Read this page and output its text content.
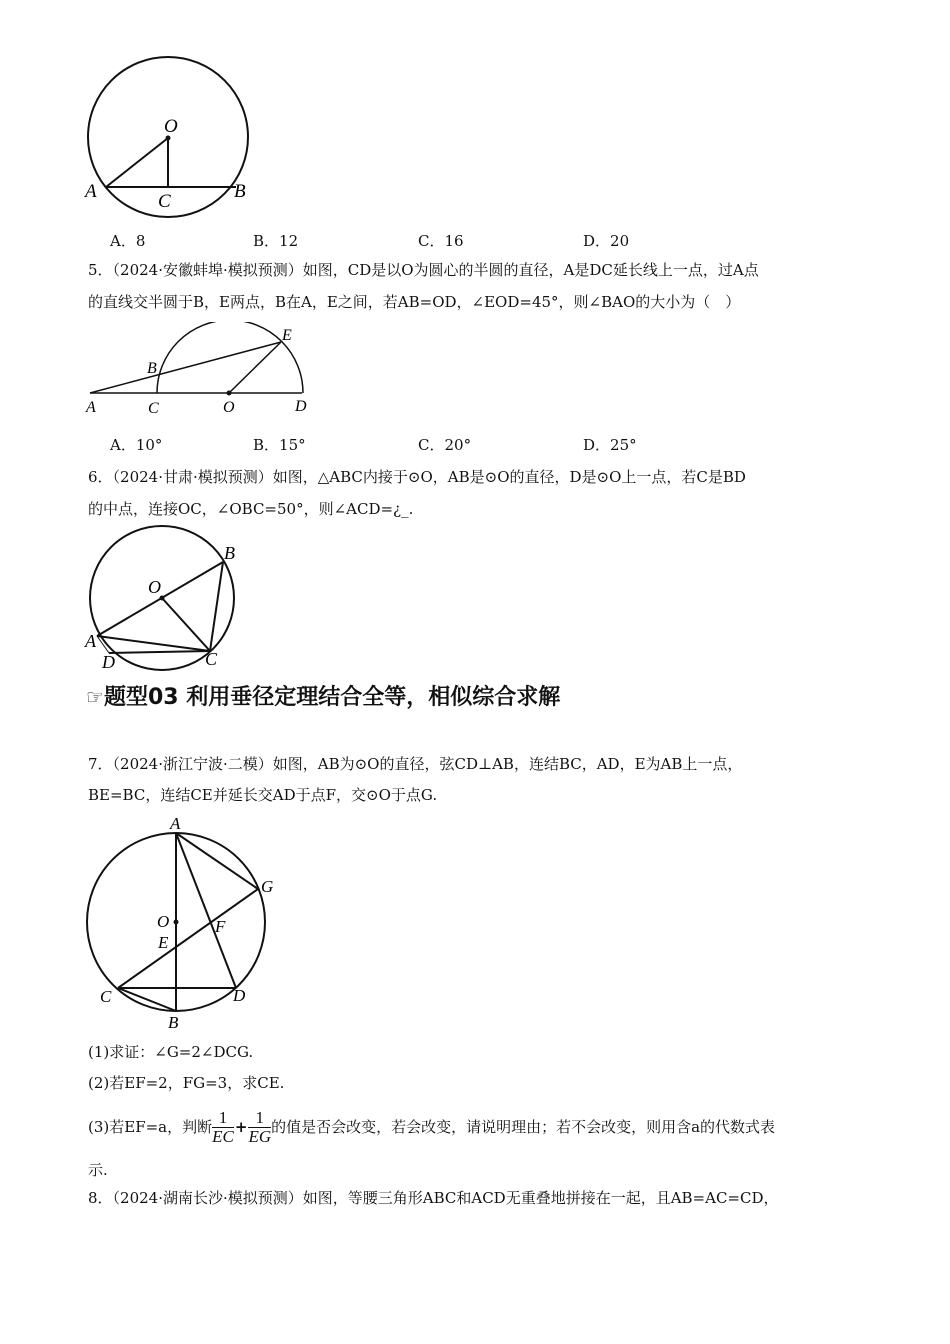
O
A	C	B
A．8	B．12	C．16	D．20
5．（2024·安徽蚌埠·模拟预测）如图，CD是以O为圆心的半圆的直径，A是DC延长线上一点，过A点
的直线交半圆于B，E两点，B在A，E之间，若AB=OD，∠EOD=45°，则∠BAO的大小为（　）
E
B
A	C	O	D
A．10°	B．15°	C．20°	D．25°
6．（2024·甘肃·模拟预测）如图，△ABC内接于⊙O，AB是⊙O的直径，D是⊙O上一点，若C是BD
的中点，连接OC，∠OBC=50°，则∠ACD=¿_.
B
O
A
D	C
☞题型03 利用垂径定理结合全等，相似综合求解
7．（2024·浙江宁波·二模）如图，AB为⊙O的直径，弦CD⊥AB，连结BC，AD，E为AB上一点，
BE=BC，连结CE并延长交AD于点F，交⊙O于点G.
A
G
O	F
E
C	D
B
(1)求证：∠G=2∠DCG.
(2)若EF=2，FG=3，求CE.
(3)若EF=a，判断 $\frac{1}{EC} + \frac{1}{EG}$ 的值是否会改变，若会改变，请说明理由；若不会改变，则用含a的代数式表
示.
8．（2024·湖南长沙·模拟预测）如图，等腰三角形ABC和ACD无重叠地拼接在一起，且AB=AC=CD，
